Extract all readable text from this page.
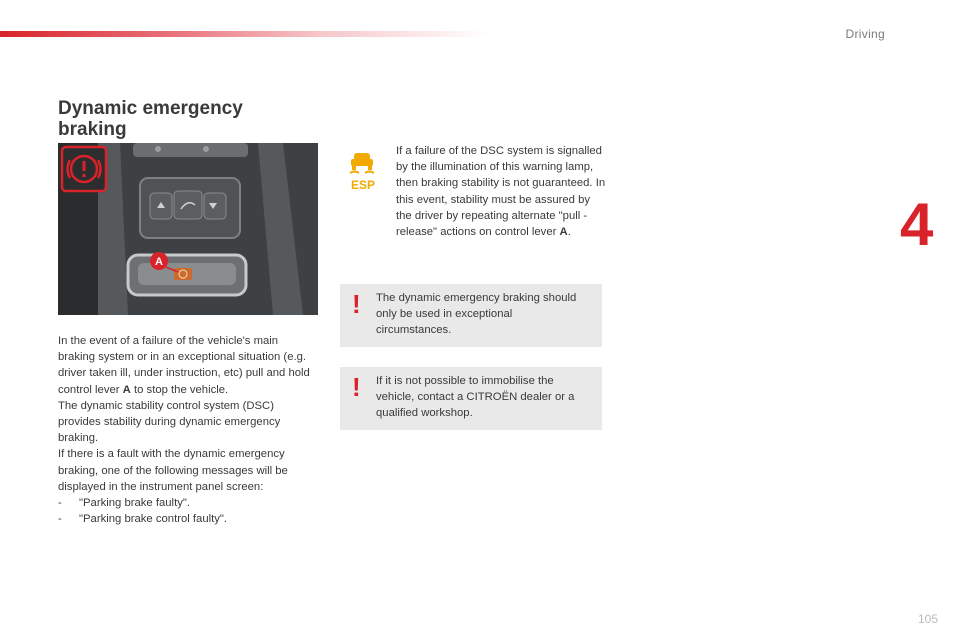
Driving
4
Dynamic emergency
braking
A

In the event of a failure of the vehicle's main braking system or in an exceptional situation (e.g. driver taken ill, under instruction, etc) pull and hold control lever A to stop the vehicle.

The dynamic stability control system (DSC) provides stability during dynamic emergency braking.

If there is a fault with the dynamic emergency braking, one of the following messages will be displayed in the instrument panel screen:

-	"Parking brake faulty".
-	"Parking brake control faulty".
ESP

If a failure of the DSC system is signalled by the illumination of this warning lamp, then braking stability is not guaranteed. In this event, stability must be assured by the driver by repeating alternate "pull - release" actions on control lever A.

! The dynamic emergency braking should only be used in exceptional circumstances.

! If it is not possible to immobilise the vehicle, contact a CITROËN dealer or a qualified workshop.

105
